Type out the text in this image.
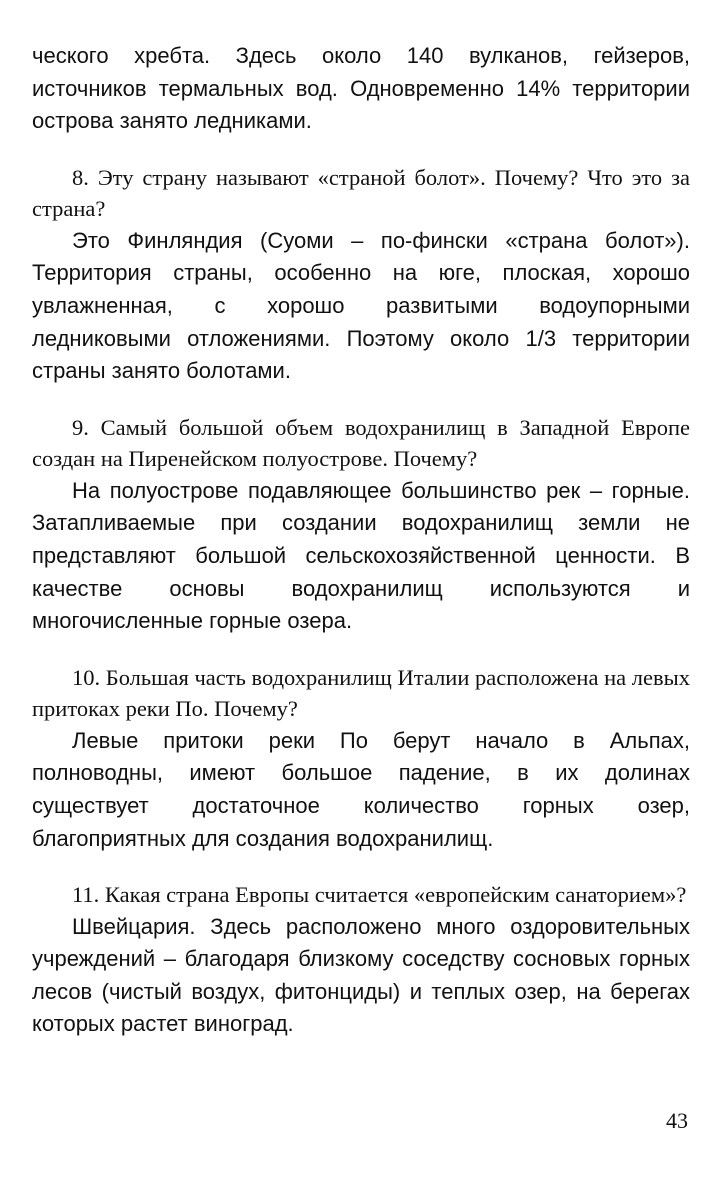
ческого хребта. Здесь около 140 вулканов, гейзеров, источников термальных вод. Одновременно 14% территории острова занято ледниками.

8. Эту страну называют «страной болот». Почему? Что это за страна?

Это Финляндия (Суоми – по-фински «страна болот»). Территория страны, особенно на юге, плоская, хорошо увлажненная, с хорошо развитыми водоупорными ледниковыми отложениями. Поэтому около 1/3 территории страны занято болотами.

9. Самый большой объем водохранилищ в Западной Европе создан на Пиренейском полуострове. Почему?

На полуострове подавляющее большинство рек – горные. Затапливаемые при создании водохранилищ земли не представляют большой сельскохозяйственной ценности. В качестве основы водохранилищ используются и многочисленные горные озера.

10. Большая часть водохранилищ Италии расположена на левых притоках реки По. Почему?

Левые притоки реки По берут начало в Альпах, полноводны, имеют большое падение, в их долинах существует достаточное количество горных озер, благоприятных для создания водохранилищ.

11. Какая страна Европы считается «европейским санаторием»?

Швейцария. Здесь расположено много оздоровительных учреждений – благодаря близкому соседству сосновых горных лесов (чистый воздух, фитонциды) и теплых озер, на берегах которых растет виноград.

43
